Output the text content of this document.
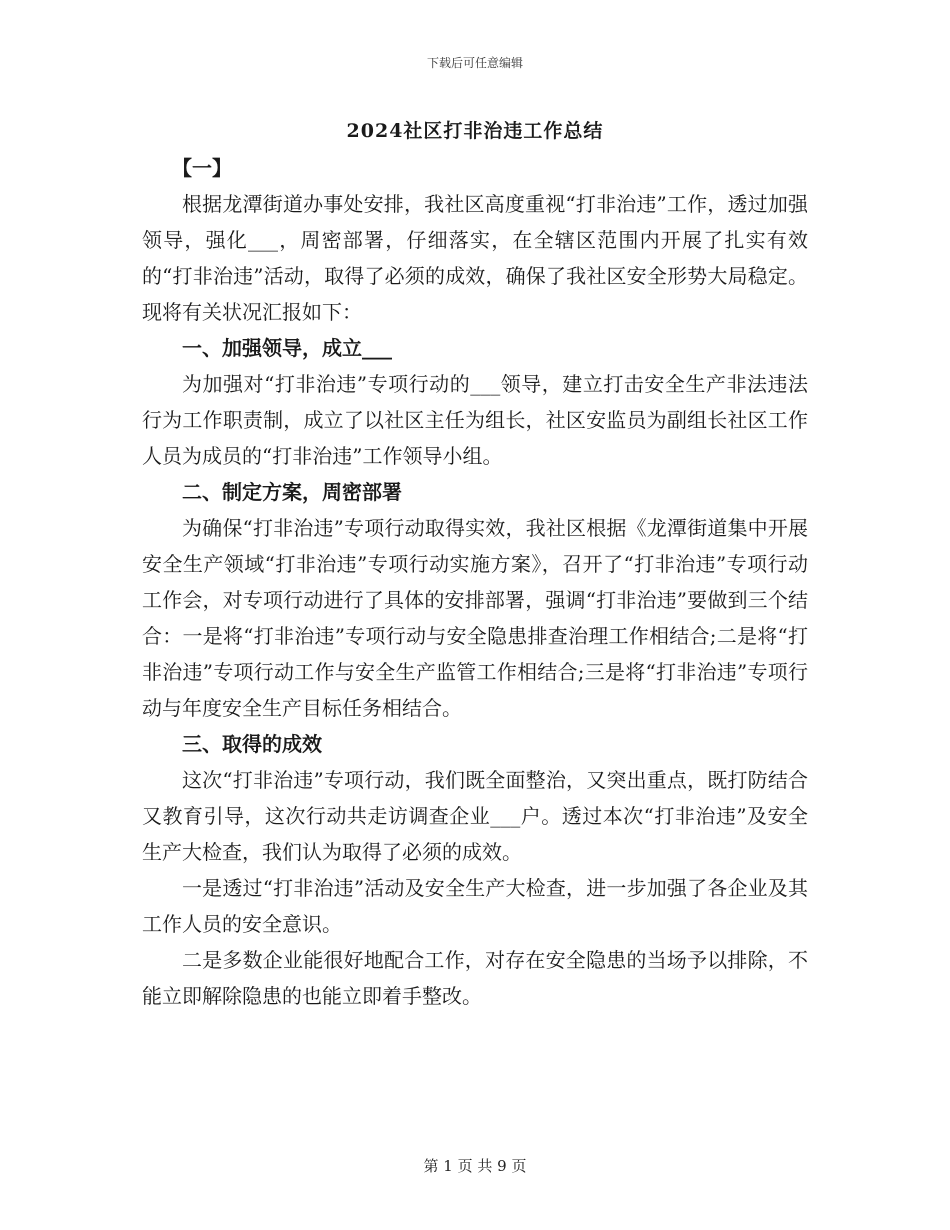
下载后可任意编辑
2024社区打非治违工作总结

【一】

根据龙潭街道办事处安排，我社区高度重视“打非治违”工作，透过加强领导，强化___，周密部署，仔细落实，在全辖区范围内开展了扎实有效的“打非治违”活动，取得了必须的成效，确保了我社区安全形势大局稳定。现将有关状况汇报如下：

一、加强领导，成立___

为加强对“打非治违”专项行动的___领导，建立打击安全生产非法违法行为工作职责制，成立了以社区主任为组长，社区安监员为副组长社区工作人员为成员的“打非治违”工作领导小组。

二、制定方案，周密部署

为确保“打非治违”专项行动取得实效，我社区根据《龙潭街道集中开展安全生产领域“打非治违”专项行动实施方案》，召开了“打非治违”专项行动工作会，对专项行动进行了具体的安排部署，强调“打非治违”要做到三个结合：一是将“打非治违”专项行动与安全隐患排查治理工作相结合;二是将“打非治违”专项行动工作与安全生产监管工作相结合;三是将“打非治违”专项行动与年度安全生产目标任务相结合。

三、取得的成效

这次“打非治违”专项行动，我们既全面整治，又突出重点，既打防结合又教育引导，这次行动共走访调查企业___户。透过本次“打非治违”及安全生产大检查，我们认为取得了必须的成效。

一是透过“打非治违”活动及安全生产大检查，进一步加强了各企业及其工作人员的安全意识。

二是多数企业能很好地配合工作，对存在安全隐患的当场予以排除，不能立即解除隐患的也能立即着手整改。

第 1 页 共 9 页
